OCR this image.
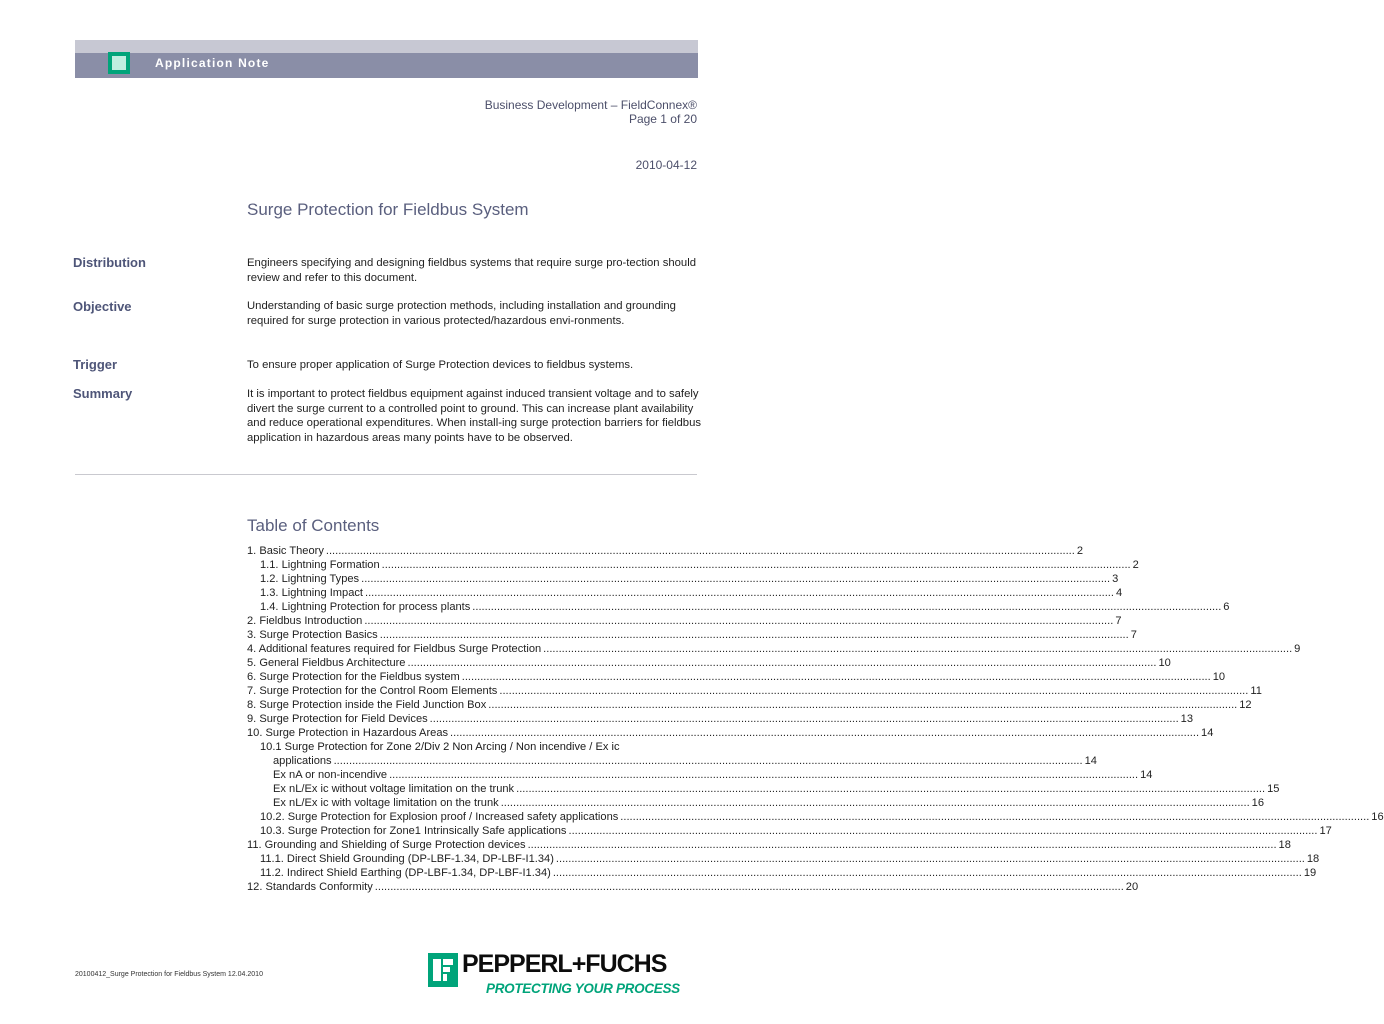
Application Note
Business Development – FieldConnex®
Page 1 of 20
2010-04-12
Surge Protection for Fieldbus System
Distribution	Engineers specifying and designing fieldbus systems that require surge pro-tection should review and refer to this document.
Objective	Understanding of basic surge protection methods, including installation and grounding required for surge protection in various protected/hazardous envi-ronments.
Trigger	To ensure proper application of Surge Protection devices to fieldbus systems.
Summary	It is important to protect fieldbus equipment against induced transient voltage and to safely divert the surge current to a controlled point to ground. This can increase plant availability and reduce operational expenditures. When install-ing surge protection barriers for fieldbus application in hazardous areas many points have to be observed.
Table of Contents
1. Basic Theory .....	2
1.1. Lightning Formation .....	2
1.2. Lightning Types .....	3
1.3. Lightning Impact .....	4
1.4. Lightning Protection for process plants .....	6
2. Fieldbus Introduction .....	7
3. Surge Protection Basics .....	7
4. Additional features required for Fieldbus Surge Protection .....	9
5. General Fieldbus Architecture .....	10
6. Surge Protection for the Fieldbus system .....	10
7. Surge Protection for the Control Room Elements .....	11
8. Surge Protection inside the Field Junction Box .....	12
9. Surge Protection for Field Devices .....	13
10. Surge Protection in Hazardous Areas .....	14
10.1 Surge Protection for Zone 2/Div 2 Non Arcing / Non incendive / Ex ic
applications .....	14
Ex nA or non-incendive .....	14
Ex nL/Ex ic without voltage limitation on the trunk .....	15
Ex nL/Ex ic with voltage limitation on the trunk .....	16
10.2. Surge Protection for Explosion proof / Increased safety applications .....	16
10.3. Surge Protection for Zone1 Intrinsically Safe applications .....	17
11. Grounding and Shielding of Surge Protection devices .....	18
11.1. Direct Shield Grounding (DP-LBF-1.34, DP-LBF-I1.34) .....	18
11.2. Indirect Shield Earthing (DP-LBF-1.34, DP-LBF-I1.34) .....	19
12. Standards Conformity .....	20
20100412_Surge Protection for Fieldbus System 12.04.2010	PEPPERL+FUCHS
PROTECTING YOUR PROCESS
